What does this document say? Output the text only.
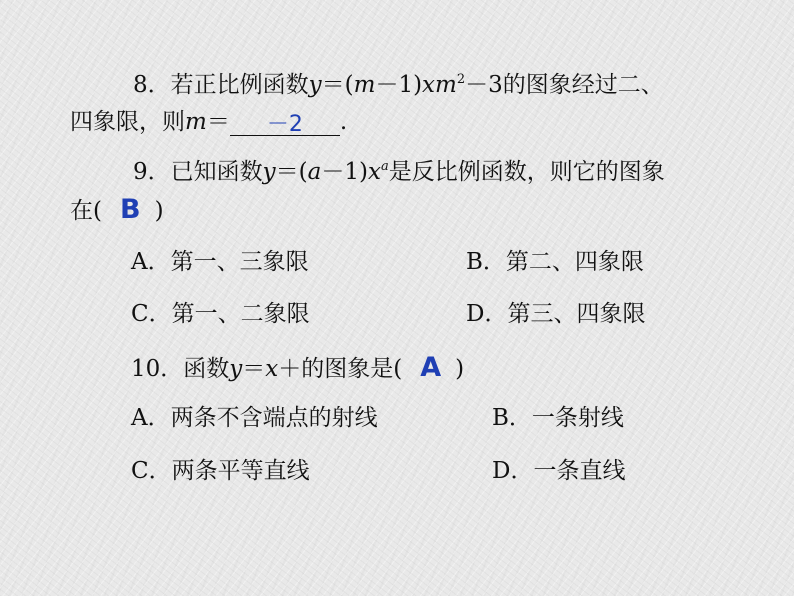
8．若正比例函数$y=(m-1)xm^2-3$的图象经过二、
四象限，则m＝ －2 .
9．已知函数$y=(a-1)x^a$是反比例函数，则它的图象
在( B )
A．第一、三象限	B．第二、四象限
C．第一、二象限	D．第三、四象限
10．函数y＝x＋的图象是( A )
A．两条不含端点的射线	B．一条射线
C．两条平等直线	D．一条直线
